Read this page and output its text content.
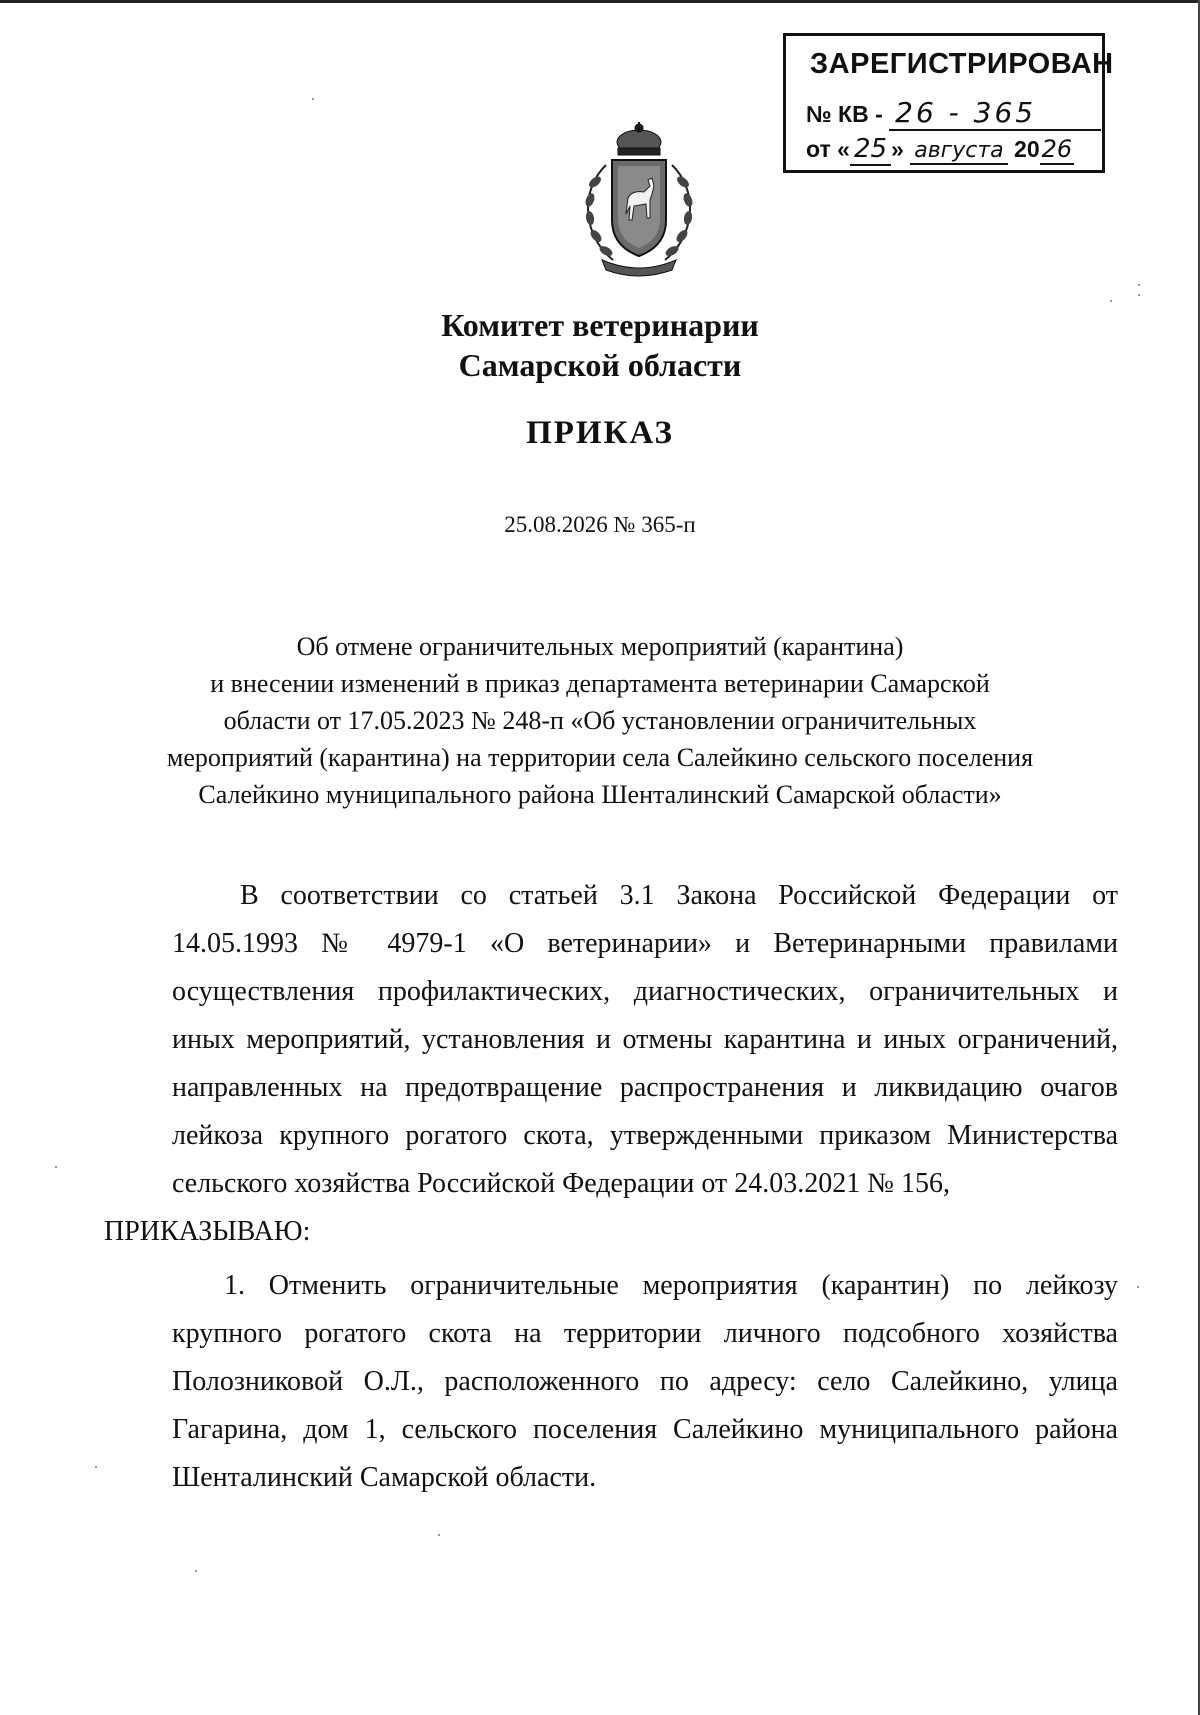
ЗАРЕГИСТРИРОВАН
№ КВ - 26 - 365
от « 25 » августа 2026
Комитет ветеринарии
Самарской области
ПРИКАЗ
25.08.2026 № 365-п
Об отмене ограничительных мероприятий (карантина)
и внесении изменений в приказ департамента ветеринарии Самарской
области от 17.05.2023 № 248-п «Об установлении ограничительных
мероприятий (карантина) на территории села Салейкино сельского поселения
Салейкино муниципального района Шенталинский Самарской области»
В соответствии со статьей 3.1 Закона Российской Федерации от 14.05.1993 № 4979-1 «О ветеринарии» и Ветеринарными правилами осуществления профилактических, диагностических, ограничительных и иных мероприятий, установления и отмены карантина и иных ограничений, направленных на предотвращение распространения и ликвидацию очагов лейкоза крупного рогатого скота, утвержденными приказом Министерства сельского хозяйства Российской Федерации от 24.03.2021 № 156,
ПРИКАЗЫВАЮ:
1. Отменить ограничительные мероприятия (карантин) по лейкозу крупного рогатого скота на территории личного подсобного хозяйства Полозниковой О.Л., расположенного по адресу: село Салейкино, улица Гагарина, дом 1, сельского поселения Салейкино муниципального района Шенталинский Самарской области.
